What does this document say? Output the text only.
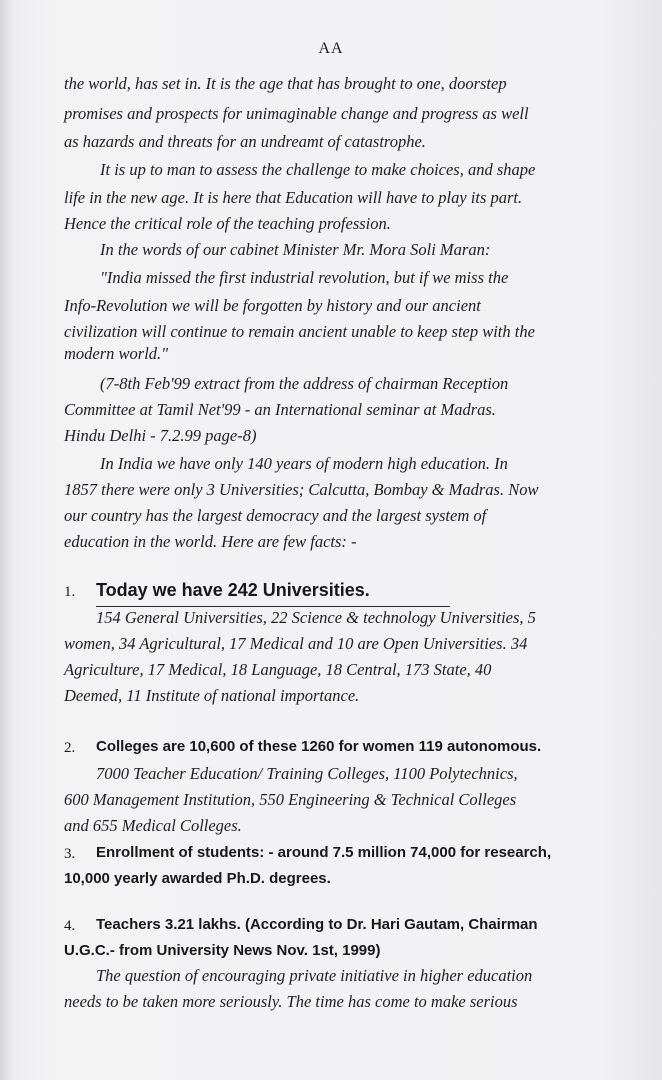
AA
the world, has set in. It is the age that has brought to one, doorstep
promises and prospects for unimaginable change and progress as well
as hazards and threats for an undreamt of catastrophe.
It is up to man to assess the challenge to make choices, and shape
life in the new age. It is here that Education will have to play its part.
Hence the critical role of the teaching profession.
In the words of our cabinet Minister Mr. Mora Soli Maran:
"India missed the first industrial revolution, but if we miss the
Info-Revolution we will be forgotten by history and our ancient
civilization will continue to remain ancient unable to keep step with the
modern world."
(7-8th Feb'99 extract from the address of chairman Reception
Committee at Tamil Net'99 - an International seminar at Madras.
Hindu Delhi - 7.2.99 page-8)
In India we have only 140 years of modern high education. In
1857 there were only 3 Universities; Calcutta, Bombay & Madras. Now
our country has the largest democracy and the largest system of
education in the world. Here are few facts: -
1. Today we have 242 Universities.
154 General Universities, 22 Science & technology Universities, 5
women, 34 Agricultural, 17 Medical and 10 are Open Universities. 34
Agriculture, 17 Medical, 18 Language, 18 Central, 173 State, 40
Deemed, 11 Institute of national importance.
2. Colleges are 10,600 of these 1260 for women 119 autonomous.
7000 Teacher Education/ Training Colleges, 1100 Polytechnics,
600 Management Institution, 550 Engineering & Technical Colleges
and 655 Medical Colleges.
3. Enrollment of students: - around 7.5 million 74,000 for research,
10,000 yearly awarded Ph.D. degrees.
4. Teachers 3.21 lakhs. (According to Dr. Hari Gautam, Chairman
U.G.C.- from University News Nov. 1st, 1999)
The question of encouraging private initiative in higher education
needs to be taken more seriously. The time has come to make serious
